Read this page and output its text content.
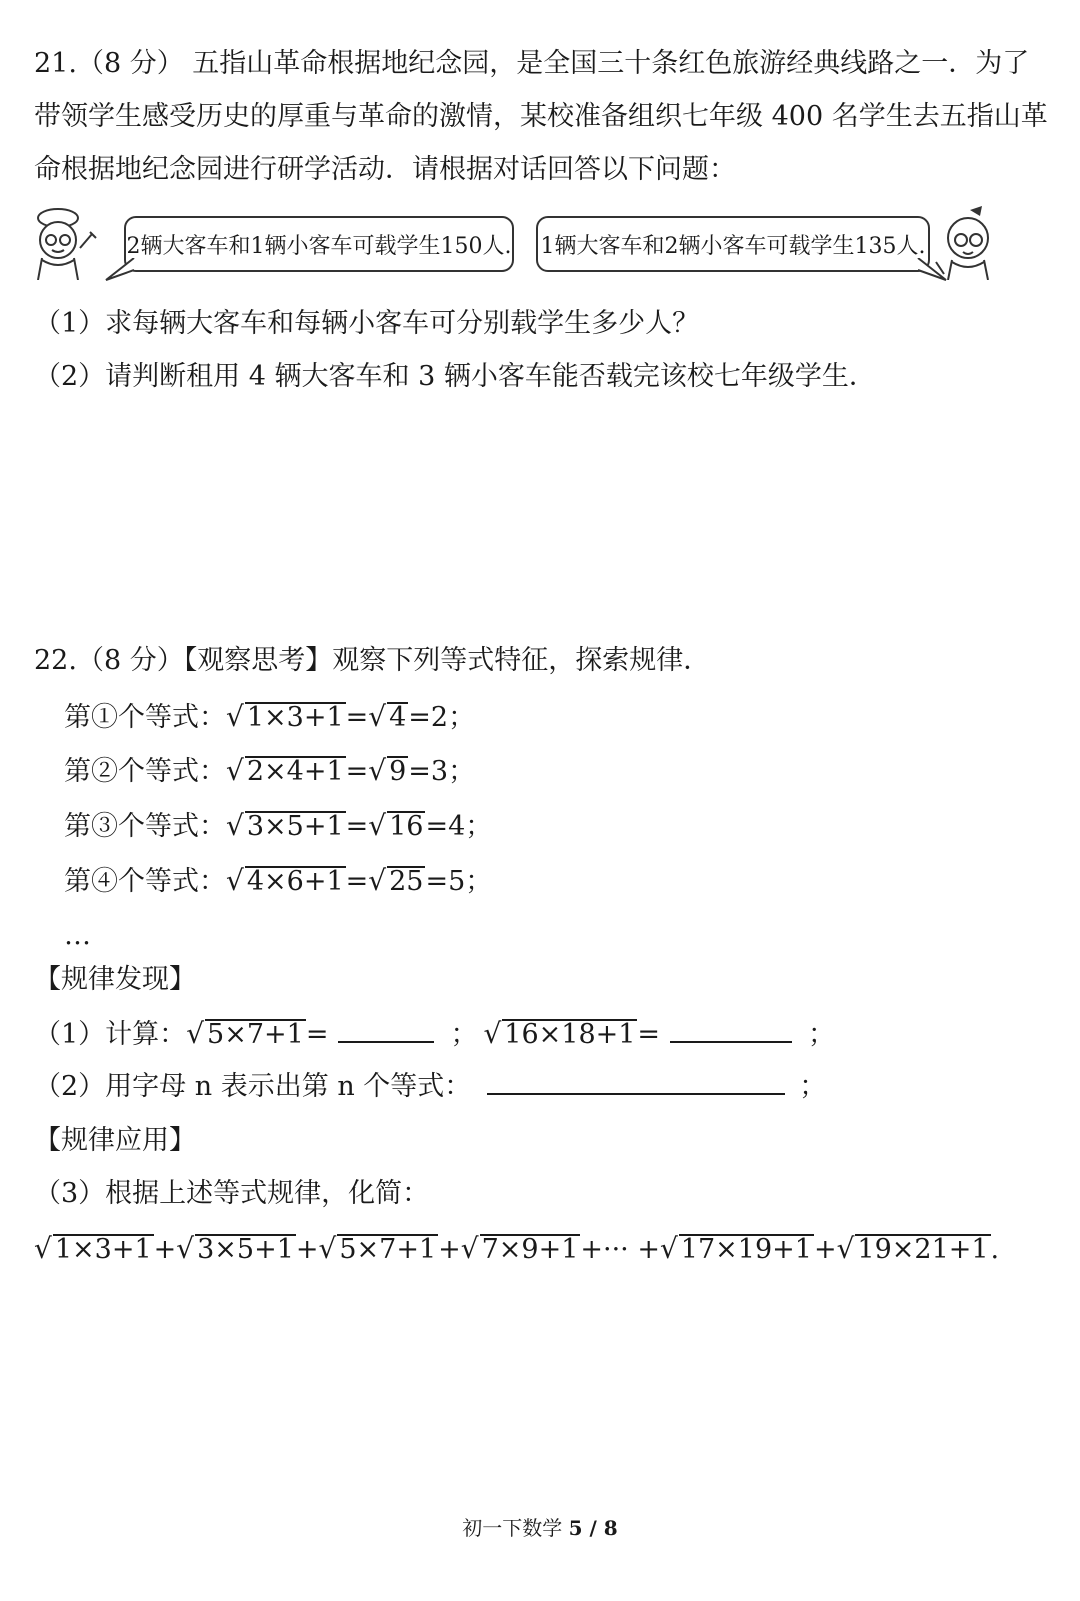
21.（8 分） 五指山革命根据地纪念园，是全国三十条红色旅游经典线路之一．为了
带领学生感受历史的厚重与革命的激情，某校准备组织七年级 400 名学生去五指山革
命根据地纪念园进行研学活动．请根据对话回答以下问题：
2辆大客车和1辆小客车可载学生150人. 1辆大客车和2辆小客车可载学生135人.
（1）求每辆大客车和每辆小客车可分别载学生多少人？
（2）请判断租用 4 辆大客车和 3 辆小客车能否载完该校七年级学生．
22.（8 分）【观察思考】观察下列等式特征，探索规律．
第①个等式：√ 1×3+1=√ 4=2；
第②个等式：√ 2×4+1=√ 9=3；
第③个等式：√ 3×5+1=√ 16=4；
第④个等式：√ 4×6+1=√ 25=5；
…
【规律发现】
（1）计算：√ 5×7+1=	； √ 16×18+1=	；
（2）用字母 n 表示出第 n 个等式：	；
【规律应用】
（3）根据上述等式规律，化简：
√ 1×3+1+√ 3×5+1+√ 5×7+1+√ 7×9+1+··· +√ 17×19+1+√ 19×21+1.
初一下数学 5 / 8
